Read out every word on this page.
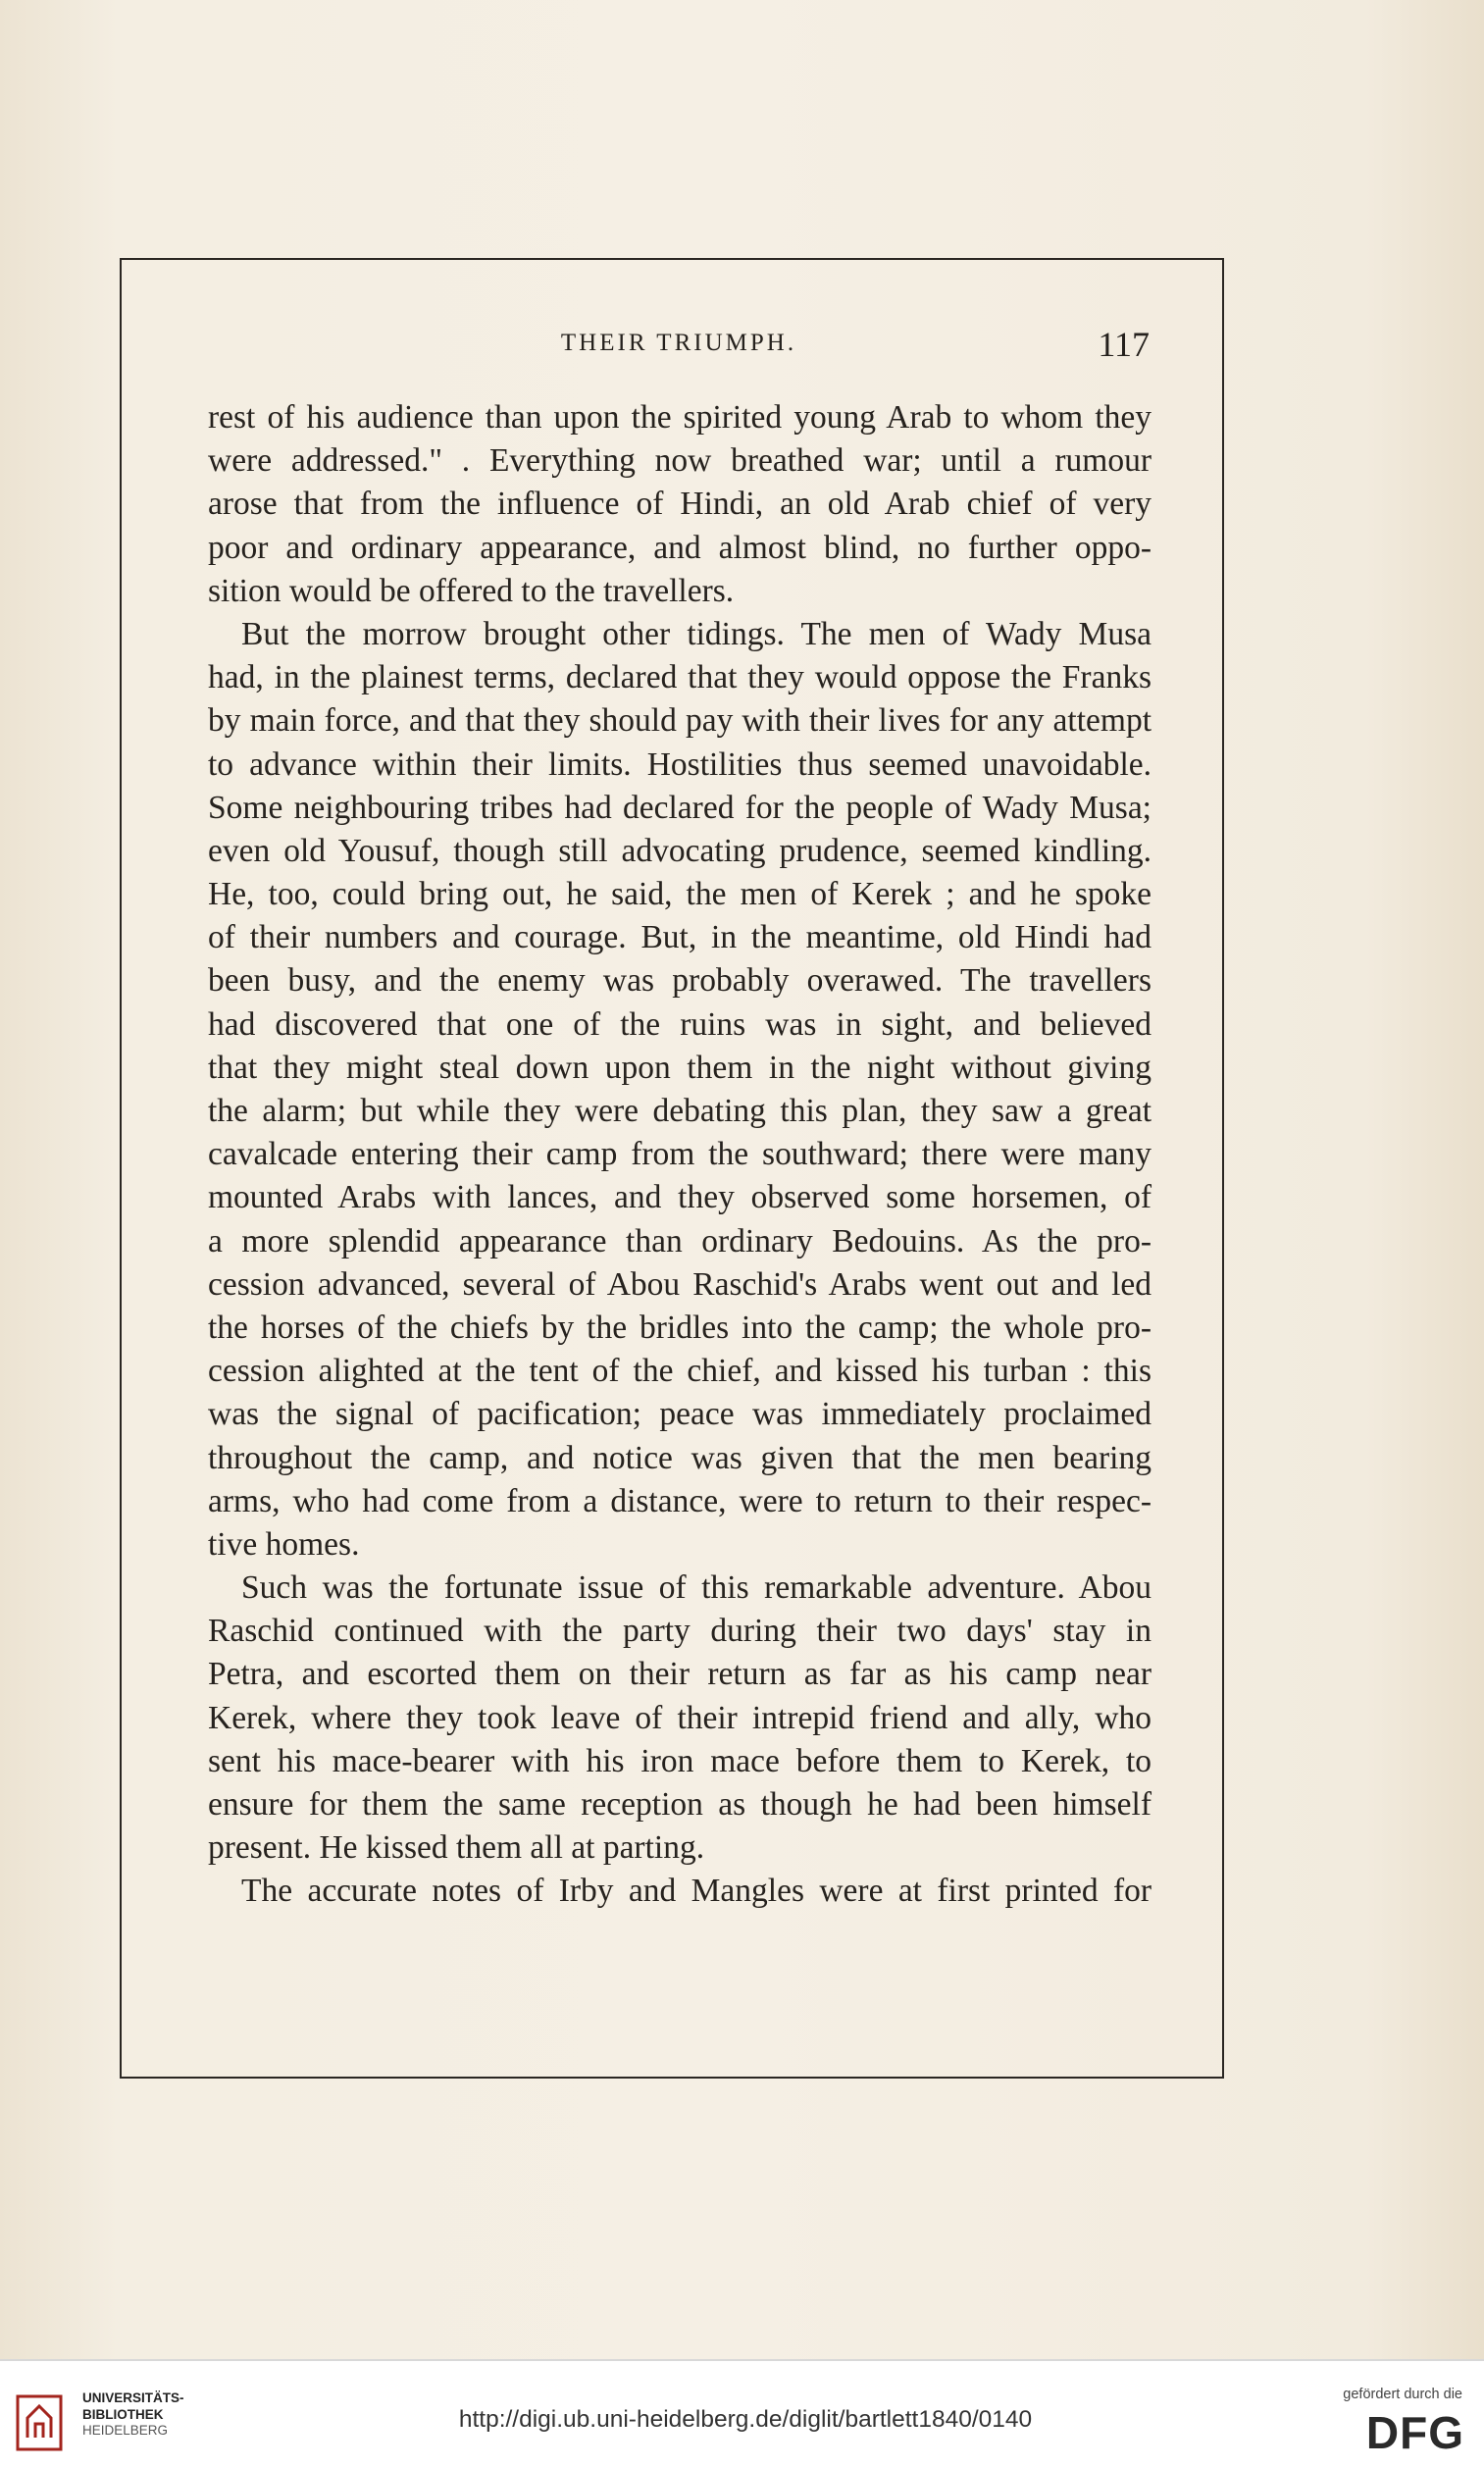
THEIR TRIUMPH.	117
rest of his audience than upon the spirited young Arab to whom they
were addressed." . Everything now breathed war; until a rumour
arose that from the influence of Hindi, an old Arab chief of very
poor and ordinary appearance, and almost blind, no further oppo-
sition would be offered to the travellers.
But the morrow brought other tidings. The men of Wady Musa
had, in the plainest terms, declared that they would oppose the Franks
by main force, and that they should pay with their lives for any attempt
to advance within their limits. Hostilities thus seemed unavoidable.
Some neighbouring tribes had declared for the people of Wady Musa;
even old Yousuf, though still advocating prudence, seemed kindling.
He, too, could bring out, he said, the men of Kerek ; and he spoke
of their numbers and courage. But, in the meantime, old Hindi had
been busy, and the enemy was probably overawed. The travellers
had discovered that one of the ruins was in sight, and believed
that they might steal down upon them in the night without giving
the alarm; but while they were debating this plan, they saw a great
cavalcade entering their camp from the southward; there were many
mounted Arabs with lances, and they observed some horsemen, of
a more splendid appearance than ordinary Bedouins. As the pro-
cession advanced, several of Abou Raschid's Arabs went out and led
the horses of the chiefs by the bridles into the camp; the whole pro-
cession alighted at the tent of the chief, and kissed his turban : this
was the signal of pacification; peace was immediately proclaimed
throughout the camp, and notice was given that the men bearing
arms, who had come from a distance, were to return to their respec-
tive homes.
Such was the fortunate issue of this remarkable adventure. Abou
Raschid continued with the party during their two days' stay in
Petra, and escorted them on their return as far as his camp near
Kerek, where they took leave of their intrepid friend and ally, who
sent his mace-bearer with his iron mace before them to Kerek, to
ensure for them the same reception as though he had been himself
present. He kissed them all at parting.
The accurate notes of Irby and Mangles were at first printed for
UNIVERSITÄTS-
BIBLIOTHEK
HEIDELBERG	http://digi.ub.uni-heidelberg.de/diglit/bartlett1840/0140
gefördert durch die
DFG
